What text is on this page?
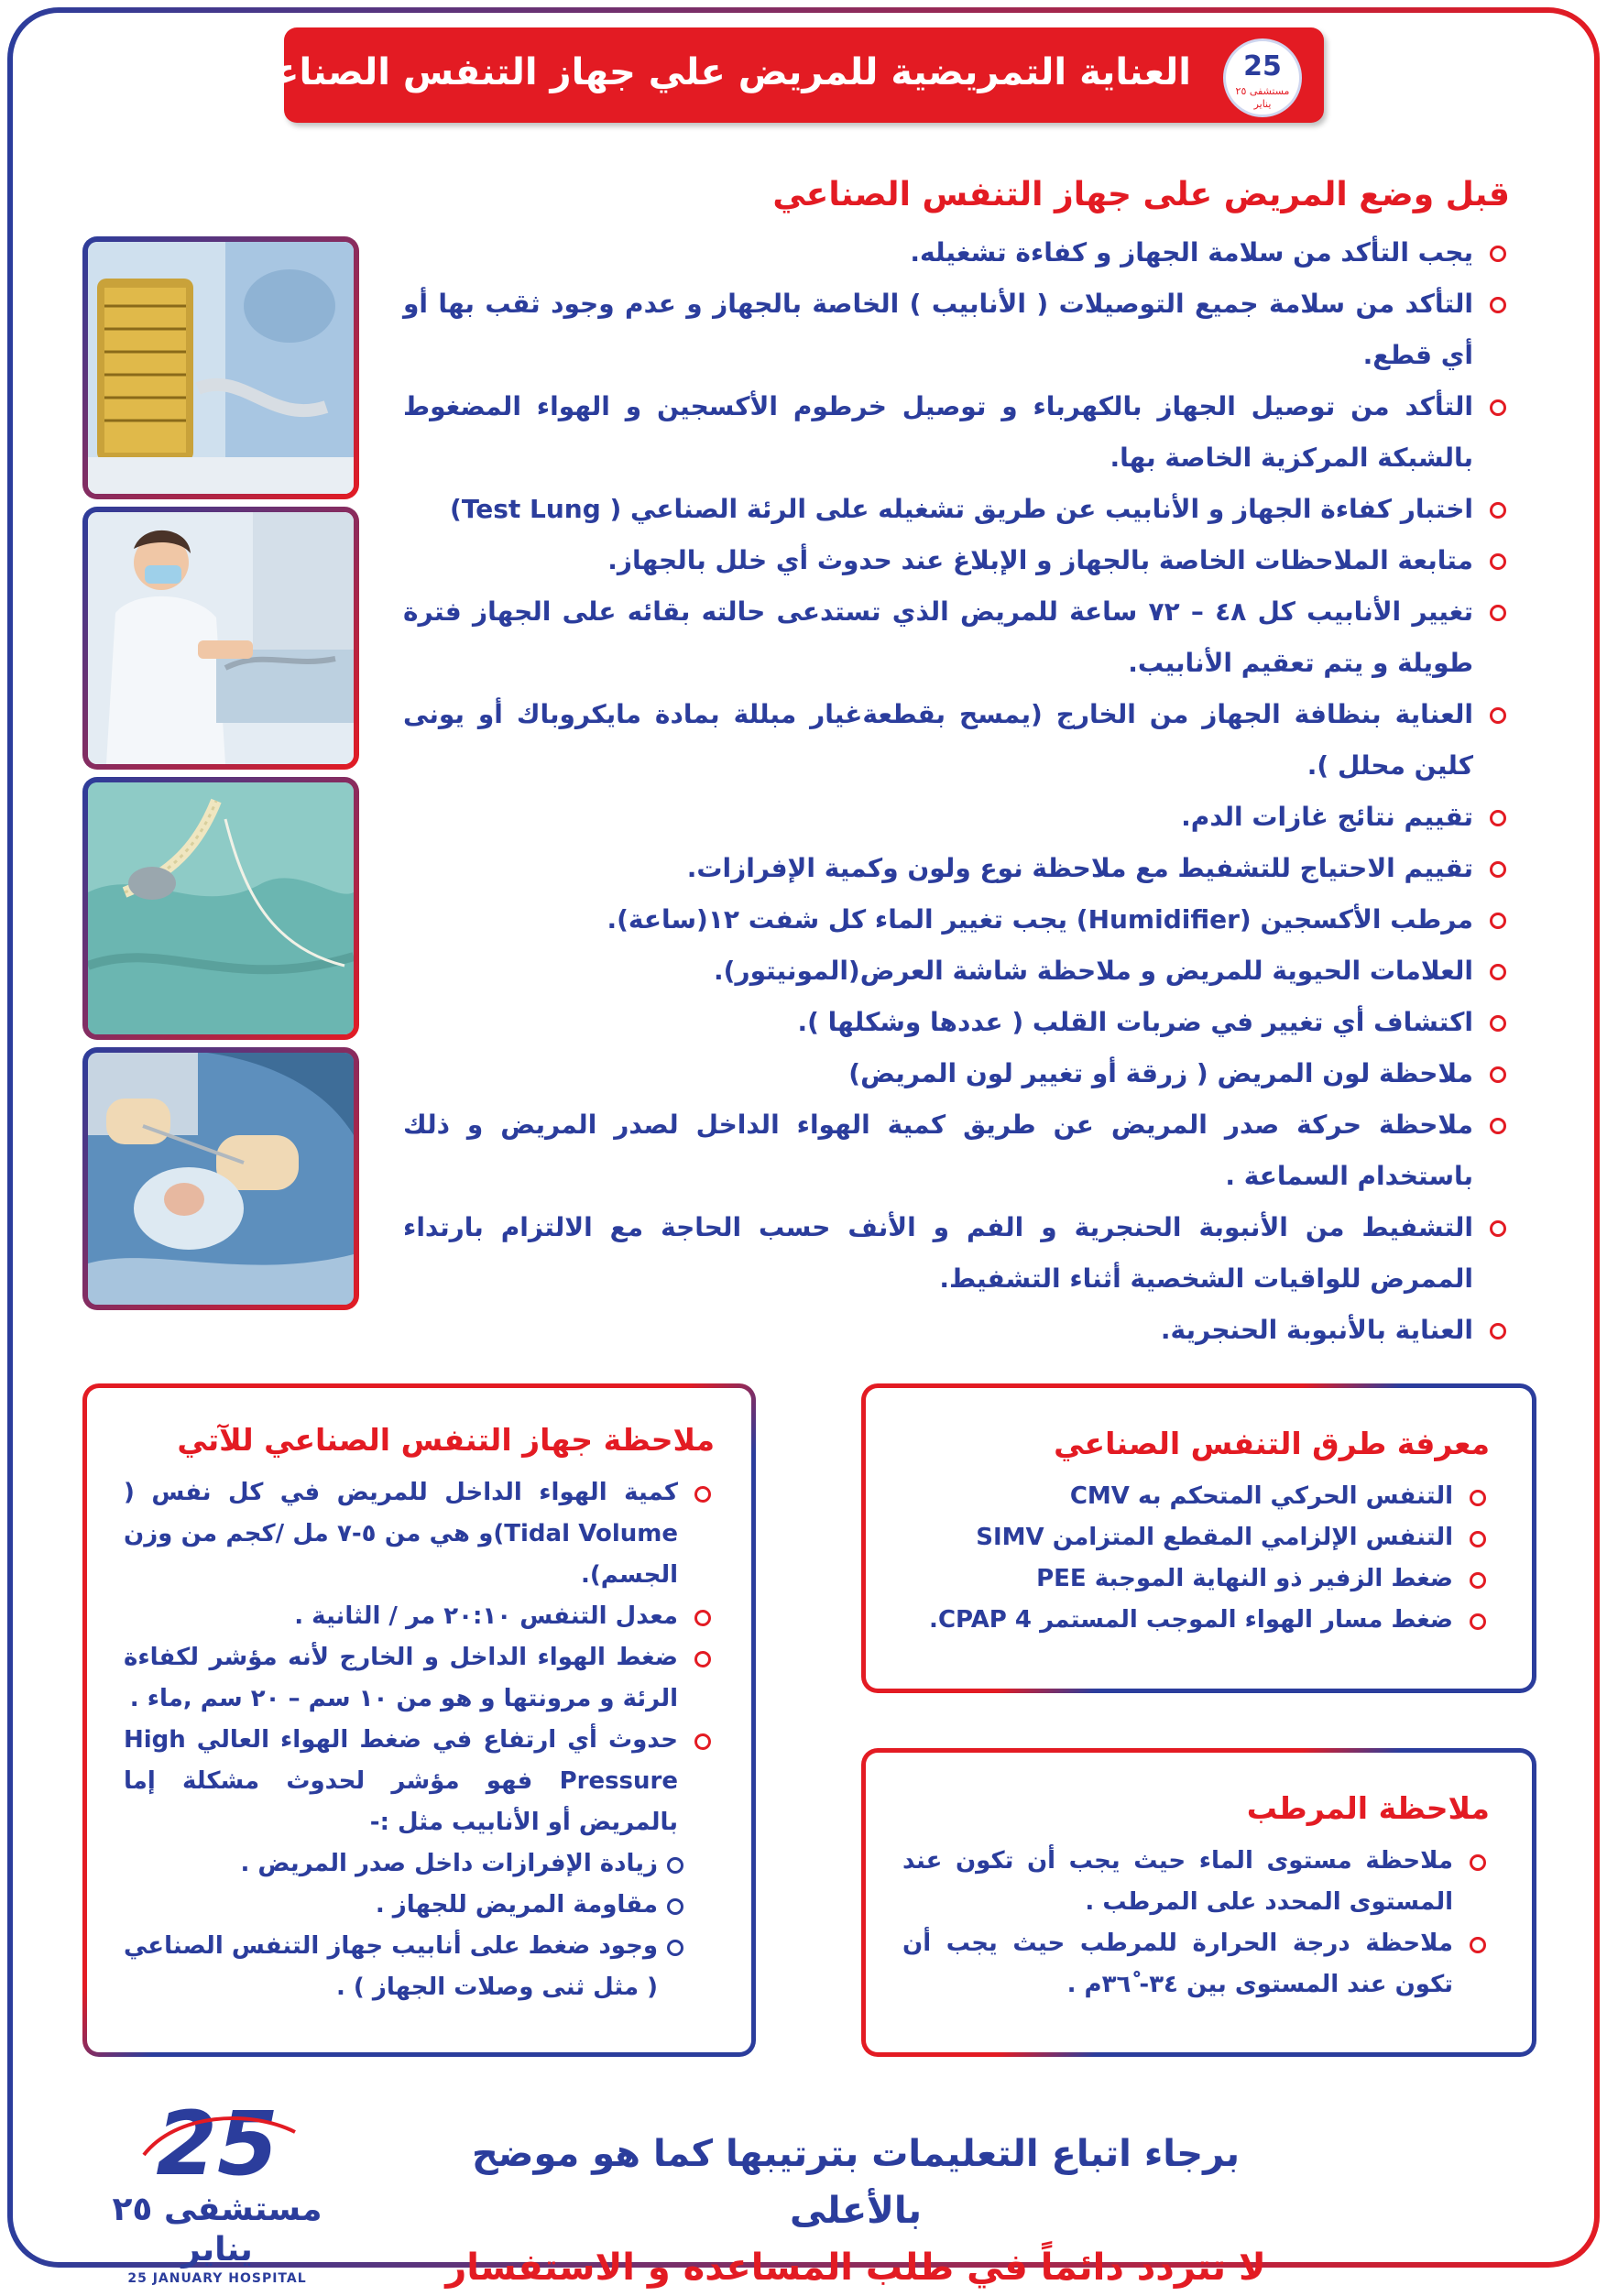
العناية التمريضية للمريض علي جهاز التنفس الصناعي	25
مستشفى ٢٥ يناير
قبل وضع المريض على جهاز التنفس الصناعي
يجب التأكد من سلامة الجهاز و كفاءة تشغيله.
التأكد من سلامة جميع التوصيلات ( الأنابيب ) الخاصة بالجهاز و عدم وجود ثقب بها أو أي قطع.
التأكد من توصيل الجهاز بالكهرباء و توصيل خرطوم الأكسجين و الهواء المضغوط بالشبكة المركزية الخاصة بها.
اختبار كفاءة الجهاز و الأنابيب عن طريق تشغيله على الرئة الصناعي ( Test Lung)
متابعة الملاحظات الخاصة بالجهاز و الإبلاغ عند حدوث أي خلل بالجهاز.
تغيير الأنابيب كل ٤٨ – ٧٢ ساعة للمريض الذي تستدعى حالته بقائه على الجهاز فترة طويلة و يتم تعقيم الأنابيب.
العناية بنظافة الجهاز من الخارج (يمسح بقطعةغيار مبللة بمادة مايكروباك أو يونى كلين محلل ).
تقييم نتائج غازات الدم.
تقييم الاحتياج للتشفيط مع ملاحظة نوع ولون وكمية الإفرازات.
مرطب الأكسجين (Humidifier) يجب تغيير الماء كل شفت ١٢(ساعة).
العلامات الحيوية للمريض و ملاحظة شاشة العرض(المونيتور).
اكتشاف أي تغيير في ضربات القلب ( عددها وشكلها ).
ملاحظة لون المريض ( زرقة أو تغيير لون المريض)
ملاحظة حركة صدر المريض عن طريق كمية الهواء الداخل لصدر المريض و ذلك باستخدام السماعة .
التشفيط من الأنبوبة الحنجرية و الفم و الأنف حسب الحاجة مع الالتزام بارتداء الممرض للواقيات الشخصية أثناء التشفيط.
العناية بالأنبوبة الحنجرية.
ملاحظة جهاز التنفس الصناعي للآتي
كمية الهواء الداخل للمريض في كل نفس ( Tidal Volume)و هي من ٥-٧ مل /كجم من وزن الجسم).
معدل التنفس ٢٠:١٠ مر / الثانية .
ضغط الهواء الداخل و الخارج لأنه مؤشر لكفاءة الرئة و مرونتها و هو من ١٠ سم – ٢٠ سم ,ماء .
حدوث أي ارتفاع في ضغط الهواء العالي High Pressure فهو مؤشر لحدوث مشكلة إما بالمريض أو الأنابيب مثل :-
زيادة الإفرازات داخل صدر المريض .
مقاومة المريض للجهاز .
وجود ضغط على أنابيب جهاز التنفس الصناعي ( مثل ثنى وصلات الجهاز ) .
معرفة طرق التنفس الصناعي
التنفس الحركي المتحكم به CMV
التنفس الإلزامي المقطع المتزامن SIMV
ضغط الزفير ذو النهاية الموجبة PEE
ضغط مسار الهواء الموجب المستمر CPAP 4.
ملاحظة المرطب
ملاحظة مستوى الماء حيث يجب أن تكون عند المستوى المحدد على المرطب .
ملاحظة درجة الحرارة للمرطب حيث يجب أن تكون عند المستوى بين ٣٤- ٣٦ْم .
25
مستشفى ٢٥ يناير
25 JANUARY HOSPITAL
برجاء اتباع التعليمات بترتيبها كما هو موضح بالأعلى
لا تتردد دائماً في طلب المساعده و الاستفسار
